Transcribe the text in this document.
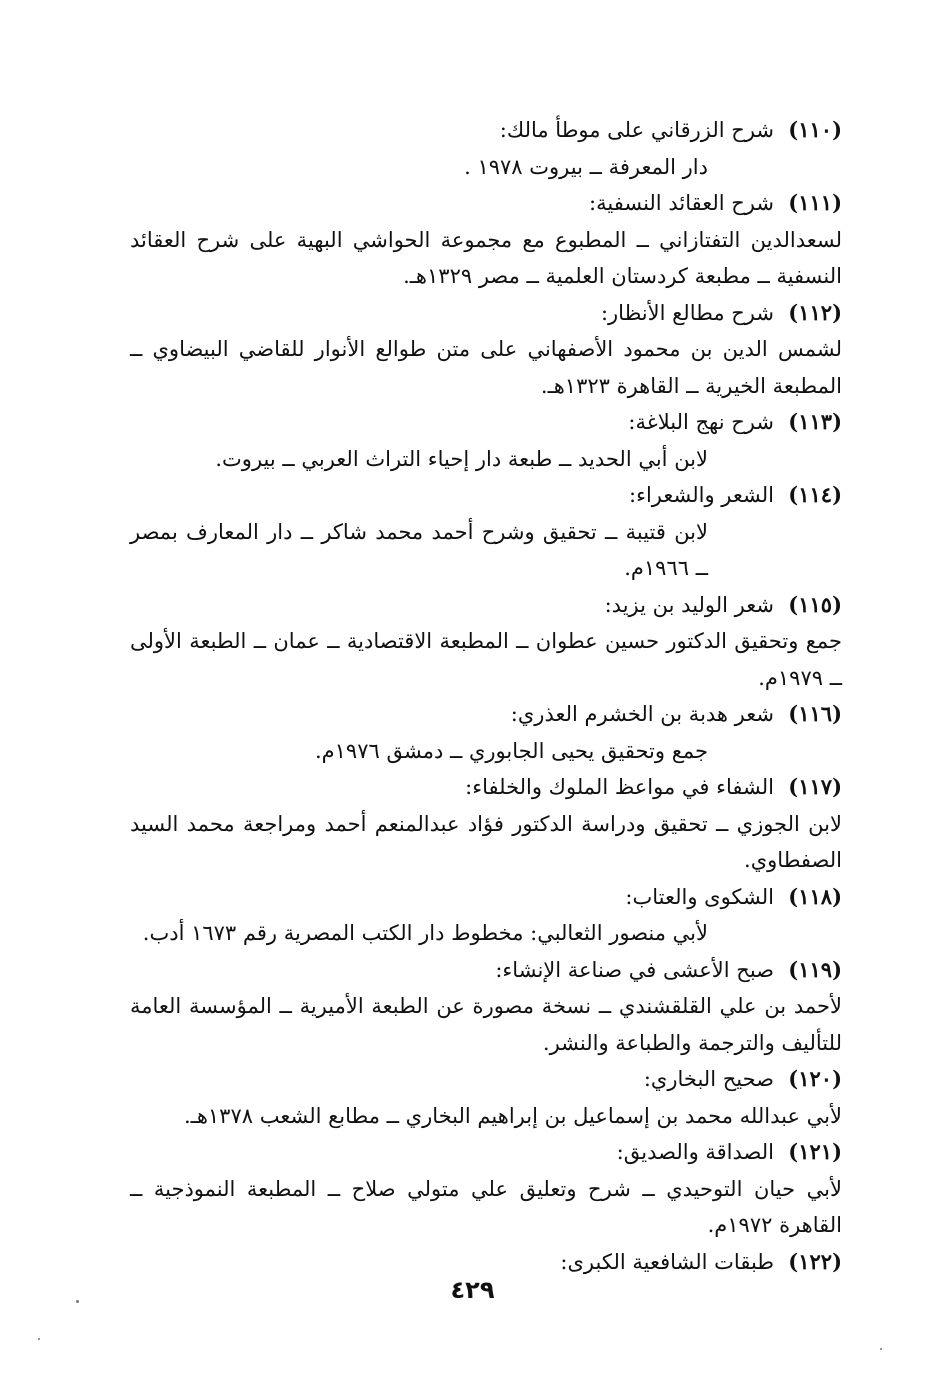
(١١٠)شرح الزرقاني على موطأ مالك:
دار المعرفة ــ بيروت ١٩٧٨ .
(١١١)شرح العقائد النسفية:
لسعدالدين التفتازاني ــ المطبوع مع مجموعة الحواشي البهية على شرح العقائد النسفية ــ مطبعة كردستان العلمية ــ مصر ١٣٢٩هـ.
(١١٢)شرح مطالع الأنظار:
لشمس الدين بن محمود الأصفهاني على متن طوالع الأنوار للقاضي البيضاوي ــ المطبعة الخيرية ــ القاهرة ١٣٢٣هـ.
(١١٣)شرح نهج البلاغة:
لابن أبي الحديد ــ طبعة دار إحياء التراث العربي ــ بيروت.
(١١٤)الشعر والشعراء:
لابن قتيبة ــ تحقيق وشرح أحمد محمد شاكر ــ دار المعارف بمصر ــ ١٩٦٦م.
(١١٥)شعر الوليد بن يزيد:
جمع وتحقيق الدكتور حسين عطوان ــ المطبعة الاقتصادية ــ عمان ــ الطبعة الأولى ــ ١٩٧٩م.
(١١٦)شعر هدبة بن الخشرم العذري:
جمع وتحقيق يحيى الجابوري ــ دمشق ١٩٧٦م.
(١١٧)الشفاء في مواعظ الملوك والخلفاء:
لابن الجوزي ــ تحقيق ودراسة الدكتور فؤاد عبدالمنعم أحمد ومراجعة محمد السيد الصفطاوي.
(١١٨)الشكوى والعتاب:
لأبي منصور الثعالبي: مخطوط دار الكتب المصرية رقم ١٦٧٣ أدب.
(١١٩)صبح الأعشى في صناعة الإنشاء:
لأحمد بن علي القلقشندي ــ نسخة مصورة عن الطبعة الأميرية ــ المؤسسة العامة للتأليف والترجمة والطباعة والنشر.
(١٢٠)صحيح البخاري:
لأبي عبدالله محمد بن إسماعيل بن إبراهيم البخاري ــ مطابع الشعب ١٣٧٨هـ.
(١٢١)الصداقة والصديق:
لأبي حيان التوحيدي ــ شرح وتعليق علي متولي صلاح ــ المطبعة النموذجية ــ القاهرة ١٩٧٢م.
(١٢٢)طبقات الشافعية الكبرى:
٤٢٩
